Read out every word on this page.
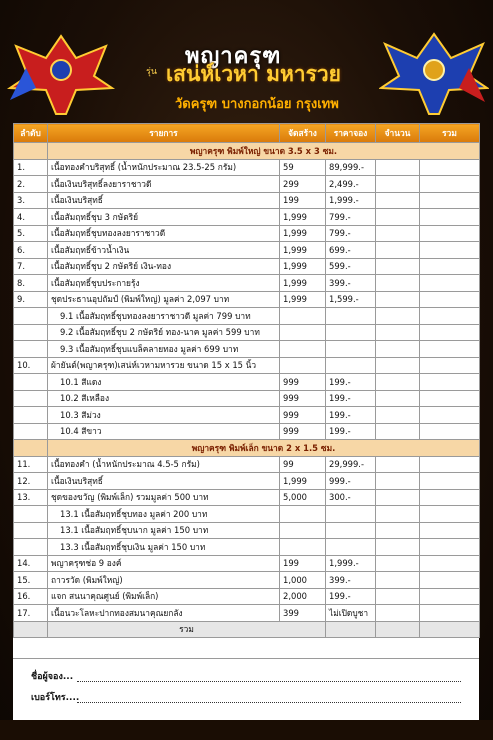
พญาครุฑ
รุ่น เสน่ห์เวหา มหารวย
วัดครุฑ บางกอกน้อย กรุงเทพ
ลำดับ	รายการ	จัดสร้าง	ราคาจอง	จำนวน	รวม
	พญาครุฑ พิมพ์ใหญ่ ขนาด 3.5 x 3 ซม.				
1.	เนื้อทองคำบริสุทธิ์ (น้ำหนักประมาณ 23.5-25 กรัม)	59	89,999.-		
2.	เนื้อเงินบริสุทธิ์ลงยาราชาวดี	299	2,499.-		
3.	เนื้อเงินบริสุทธิ์	199	1,999.-		
4.	เนื้อสัมฤทธิ์ชุบ 3 กษัตริย์	1,999	799.-		
5.	เนื้อสัมฤทธิ์ชุบทองลงยาราชาวดี	1,999	799.-		
6.	เนื้อสัมฤทธิ์ข้าวน้ำเงิน	1,999	699.-		
7.	เนื้อสัมฤทธิ์ชุบ 2 กษัตริย์ เงิน-ทอง	1,999	599.-		
8.	เนื้อสัมฤทธิ์ชุบประกายรุ้ง	1,999	399.-		
9.	ชุดประธานอุปถัมป์ (พิมพ์ใหญ่) มูลค่า 2,097 บาท	1,999	1,599.-		
	9.1 เนื้อสัมฤทธิ์ชุบทองลงยาราชาวดี มูลค่า 799 บาท				
	9.2 เนื้อสัมฤทธิ์ชุบ 2 กษัตริย์ ทอง-นาค มูลค่า 599 บาท				
	9.3 เนื้อสัมฤทธิ์ชุบแบล็คลายทอง มูลค่า 699 บาท				
10.	ผ้ายันต์(พญาครุฑ)เสน่ห์เวหามหารวย ขนาด 15 x 15 นิ้ว				
	10.1 สีแดง	999	199.-		
	10.2 สีเหลือง	999	199.-		
	10.3 สีม่วง	999	199.-		
	10.4 สีขาว	999	199.-		
	พญาครุฑ พิมพ์เล็ก ขนาด 2 x 1.5 ซม.				
11.	เนื้อทองคำ (น้ำหนักประมาณ 4.5-5 กรัม)	99	29,999.-		
12.	เนื้อเงินบริสุทธิ์	1,999	999.-		
13.	ชุดของขวัญ (พิมพ์เล็ก) รวมมูลค่า 500 บาท	5,000	300.-		
	13.1 เนื้อสัมฤทธิ์ชุบทอง มูลค่า 200 บาท				
	13.1 เนื้อสัมฤทธิ์ชุบนาก มูลค่า 150 บาท				
	13.3 เนื้อสัมฤทธิ์ชุบเงิน มูลค่า 150 บาท				
14.	พญาครุฑช่อ 9 องค์	199	1,999.-		
15.	ถาวรวัด (พิมพ์ใหญ่)	1,000	399.-		
16.	แจก สนนาคุณศูนย์ (พิมพ์เล็ก)	2,000	199.-		
17.	เนื้อนวะโลหะปากทองสมนาคุณยกลัง	399	ไม่เปิดบูชา		
	รวม				
ชื่อผู้จอง...
เบอร์โทร....
